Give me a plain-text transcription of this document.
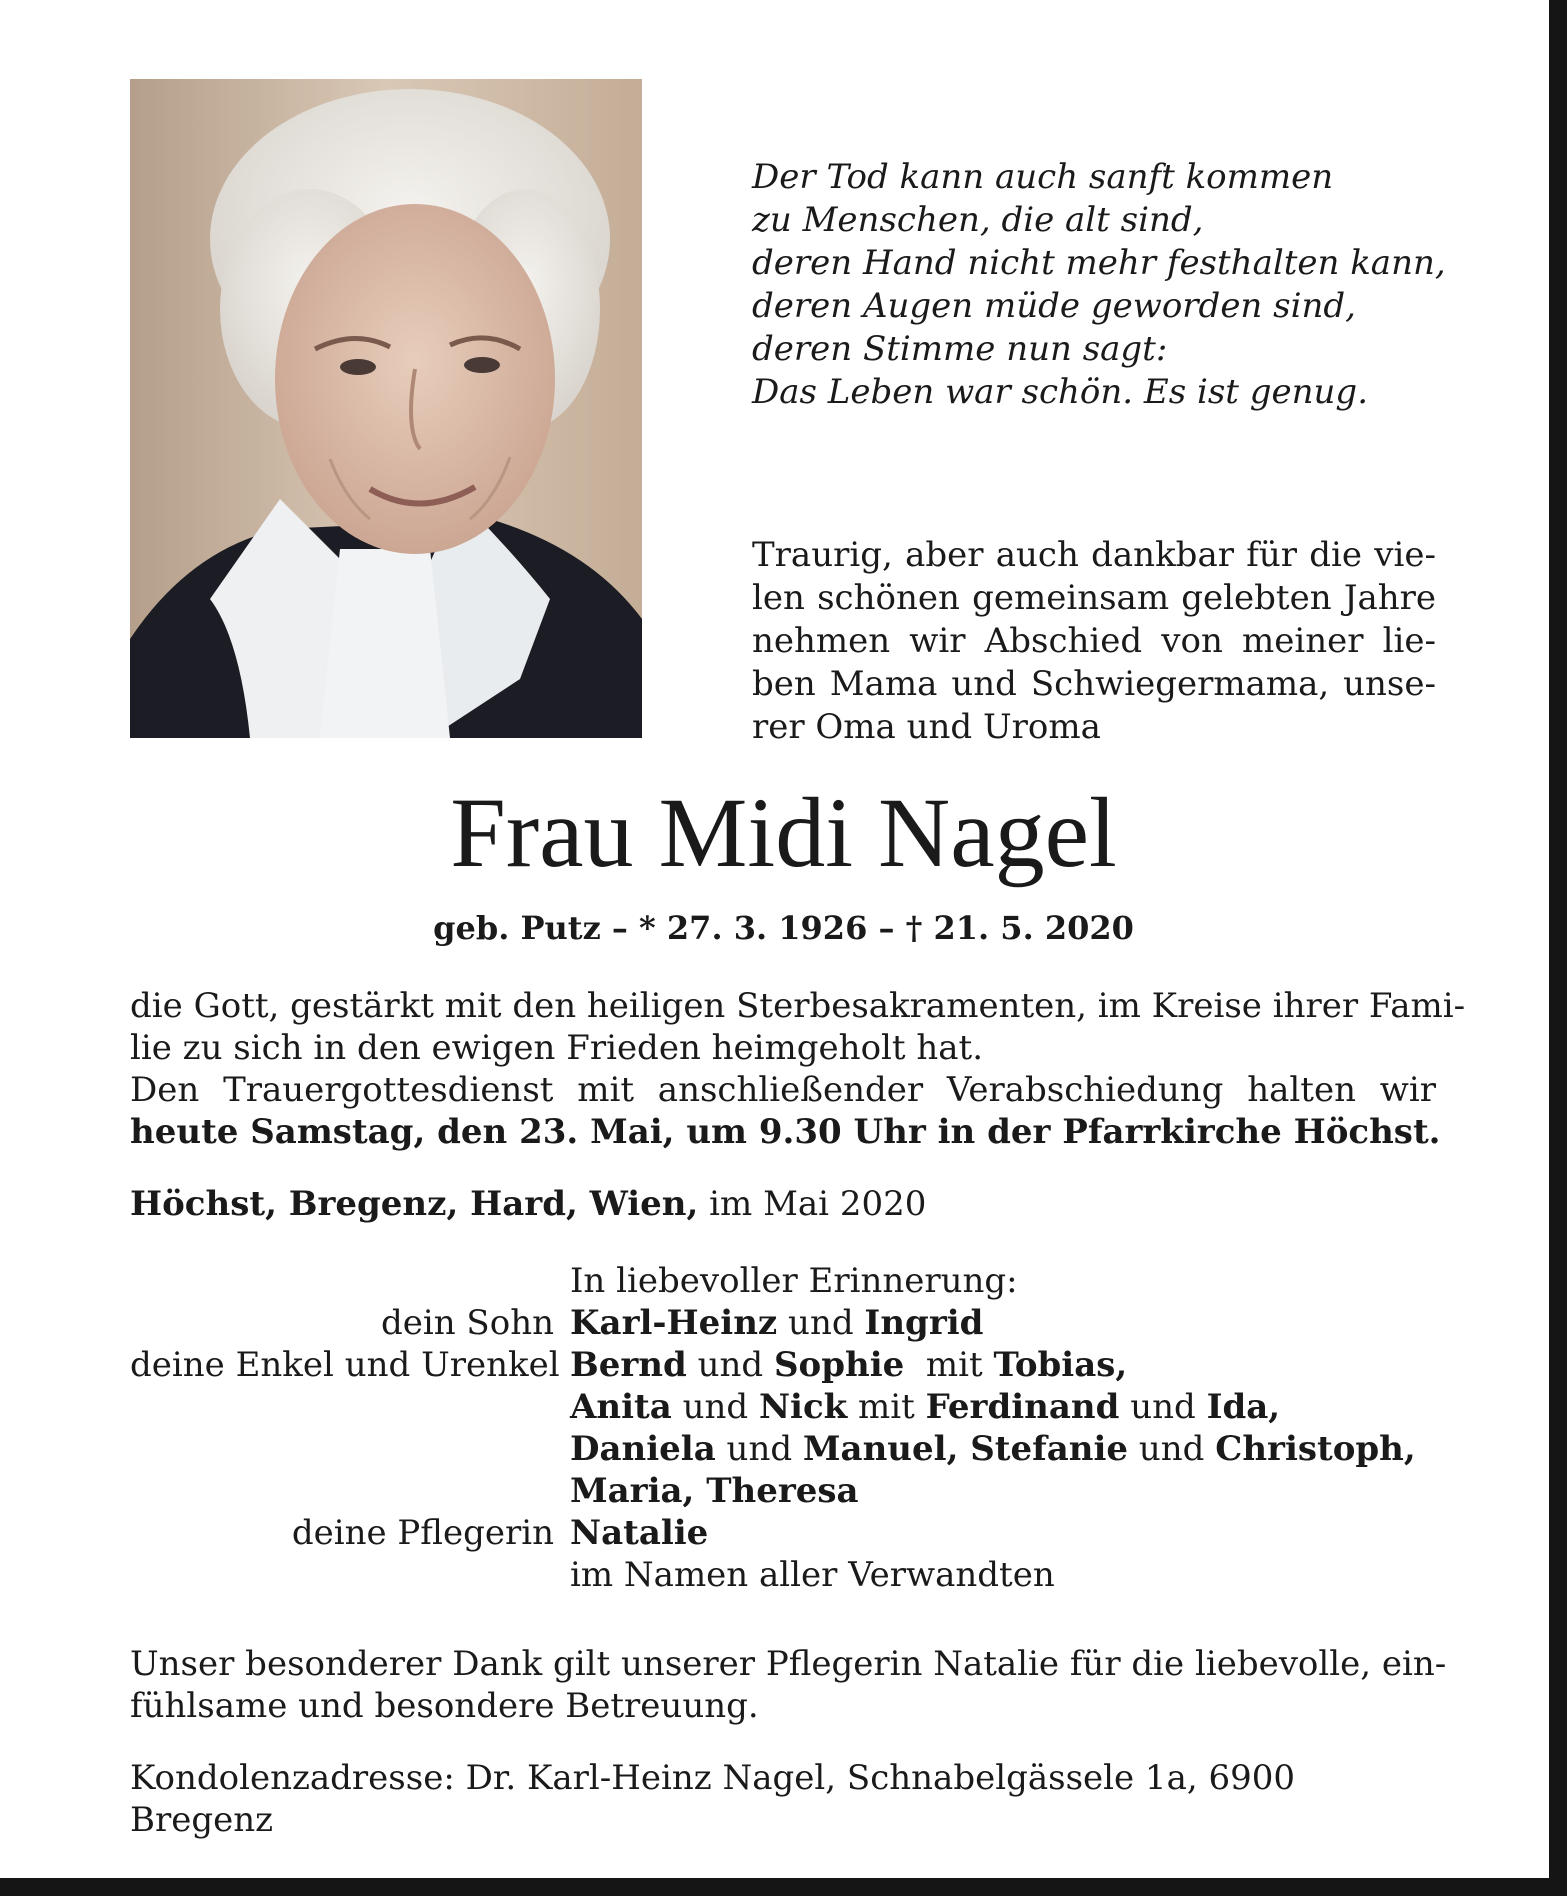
Der Tod kann auch sanft kommen
zu Menschen, die alt sind,
deren Hand nicht mehr festhalten kann,
deren Augen müde geworden sind,
deren Stimme nun sagt:
Das Leben war schön. Es ist genug.
Traurig, aber auch dankbar für die vie-
len schönen gemeinsam gelebten Jahre
nehmen wir Abschied von meiner lie-
ben Mama und Schwiegermama, unse-
rer Oma und Uroma
Frau Midi Nagel
geb. Putz – * 27. 3. 1926 – † 21. 5. 2020
die Gott, gestärkt mit den heiligen Sterbesakramenten, im Kreise ihrer Fami-
lie zu sich in den ewigen Frieden heimgeholt hat.
Den Trauergottesdienst mit anschließender Verabschiedung halten wir
heute Samstag, den 23. Mai, um 9.30 Uhr in der Pfarrkirche Höchst.
Höchst, Bregenz, Hard, Wien, im Mai 2020
In liebevoller Erinnerung:
dein Sohn Karl-Heinz und Ingrid
deine Enkel und Urenkel Bernd und Sophie  mit Tobias,
Anita und Nick mit Ferdinand und Ida,
Daniela und Manuel, Stefanie und Christoph,
Maria, Theresa
deine Pflegerin Natalie
im Namen aller Verwandten
Unser besonderer Dank gilt unserer Pflegerin Natalie für die liebevolle, ein-
fühlsame und besondere Betreuung.
Kondolenzadresse: Dr. Karl-Heinz Nagel, Schnabelgässele 1a, 6900 Bregenz
